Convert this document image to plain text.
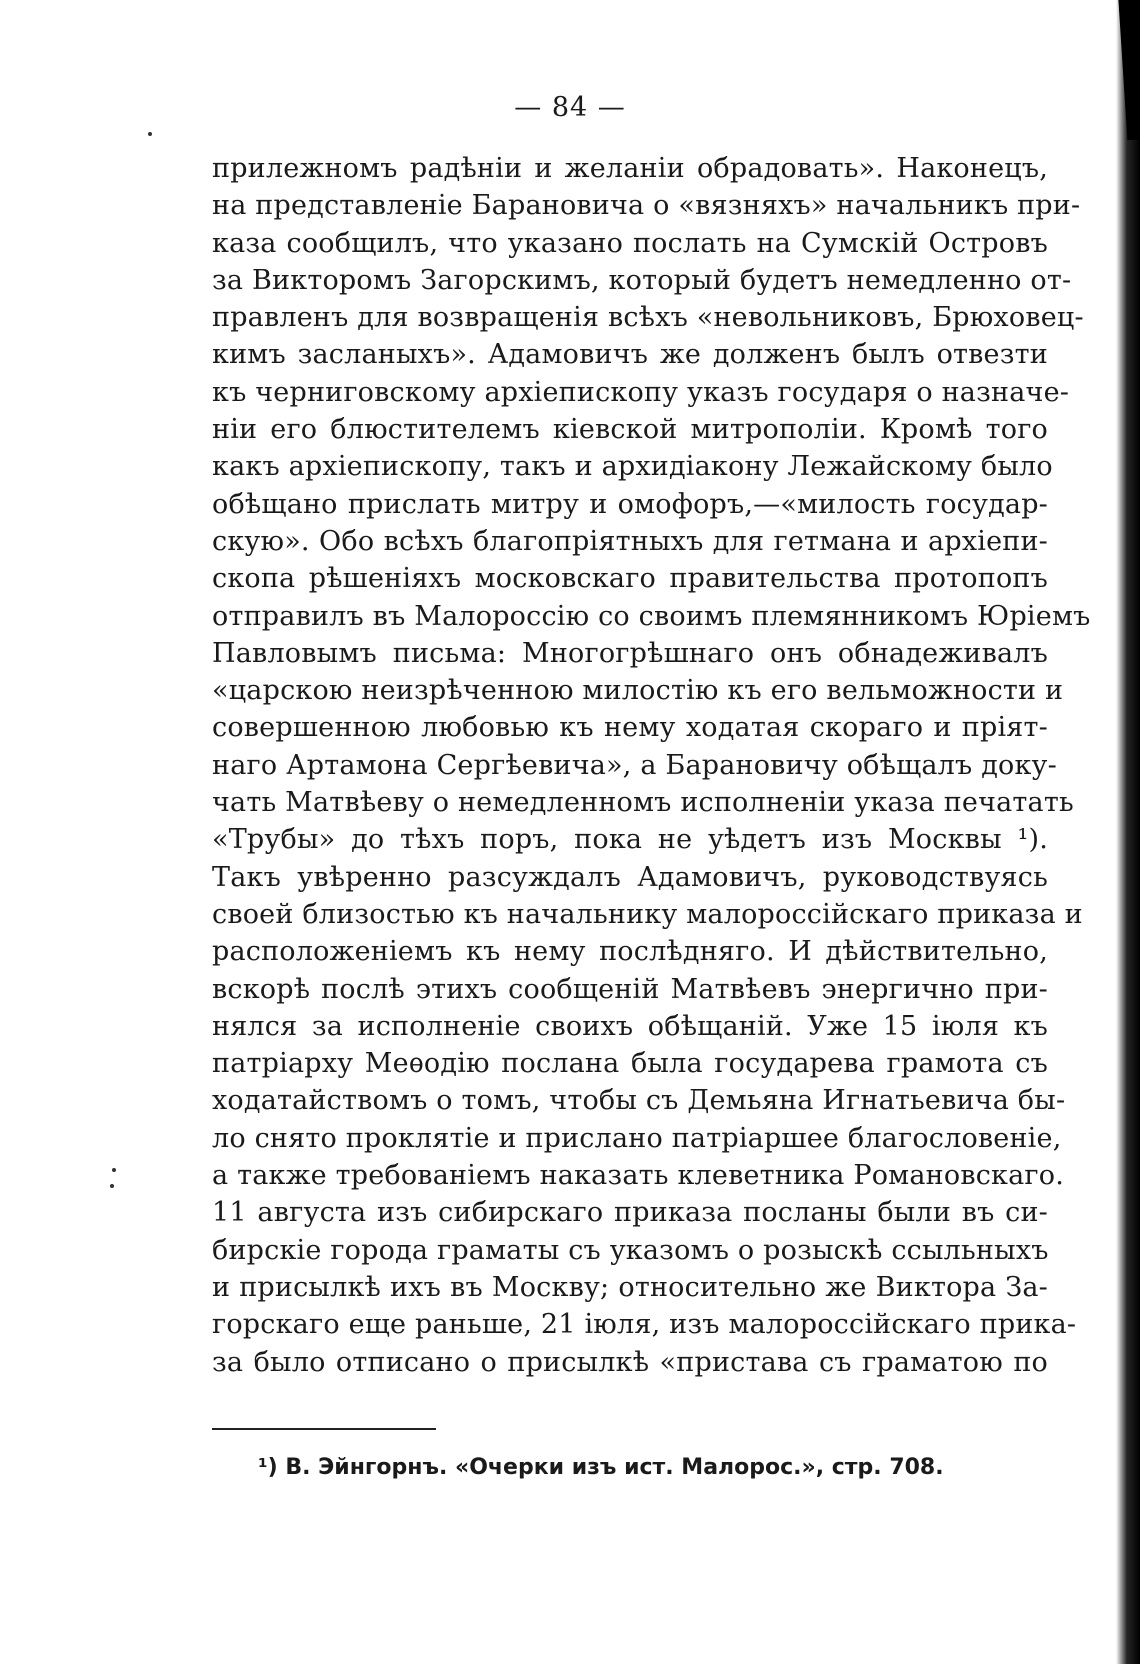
— 84 —
прилежномъ радѣніи и желаніи обрадовать». Наконецъ,
на представленіе Барановича о «вязняхъ» начальникъ при-
каза сообщилъ, что указано послать на Сумскій Островъ
за Викторомъ Загорскимъ, который будетъ немедленно от-
правленъ для возвращенія всѣхъ «невольниковъ, Брюховец-
кимъ засланыхъ». Адамовичъ же долженъ былъ отвезти
къ черниговскому архіепископу указъ государя о назначе-
ніи его блюстителемъ кіевской митрополіи. Кромѣ того
какъ архіепископу, такъ и архидіакону Лежайскому было
обѣщано прислать митру и омофоръ,—«милость государ-
скую». Обо всѣхъ благопріятныхъ для гетмана и архіепи-
скопа рѣшеніяхъ московскаго правительства протопопъ
отправилъ въ Малороссію со своимъ племянникомъ Юріемъ
Павловымъ письма: Многогрѣшнаго онъ обнадеживалъ
«царскою неизрѣченною милостію къ его вельможности и
совершенною любовью къ нему ходатая скораго и пріят-
наго Артамона Сергѣевича», а Барановичу обѣщалъ доку-
чать Матвѣеву о немедленномъ исполненіи указа печатать
«Трубы» до тѣхъ поръ, пока не уѣдетъ изъ Москвы ¹).
Такъ увѣренно разсуждалъ Адамовичъ, руководствуясь
своей близостью къ начальнику малороссійскаго приказа и
расположеніемъ къ нему послѣдняго. И дѣйствительно,
вскорѣ послѣ этихъ сообщеній Матвѣевъ энергично при-
нялся за исполненіе своихъ обѣщаній. Уже 15 іюля къ
патріарху Меѳодію послана была государева грамота съ
ходатайствомъ о томъ, чтобы съ Демьяна Игнатьевича бы-
ло снято проклятіе и прислано патріаршее благословеніе,
а также требованіемъ наказать клеветника Романовскаго.
11 августа изъ сибирскаго приказа посланы были въ си-
бирскіе города граматы съ указомъ о розыскѣ ссыльныхъ
и присылкѣ ихъ въ Москву; относительно же Виктора За-
горскаго еще раньше, 21 іюля, изъ малороссійскаго прика-
за было отписано о присылкѣ «пристава съ граматою по
¹) В. Эйнгорнъ. «Очерки изъ ист. Малорос.», стр. 708.
